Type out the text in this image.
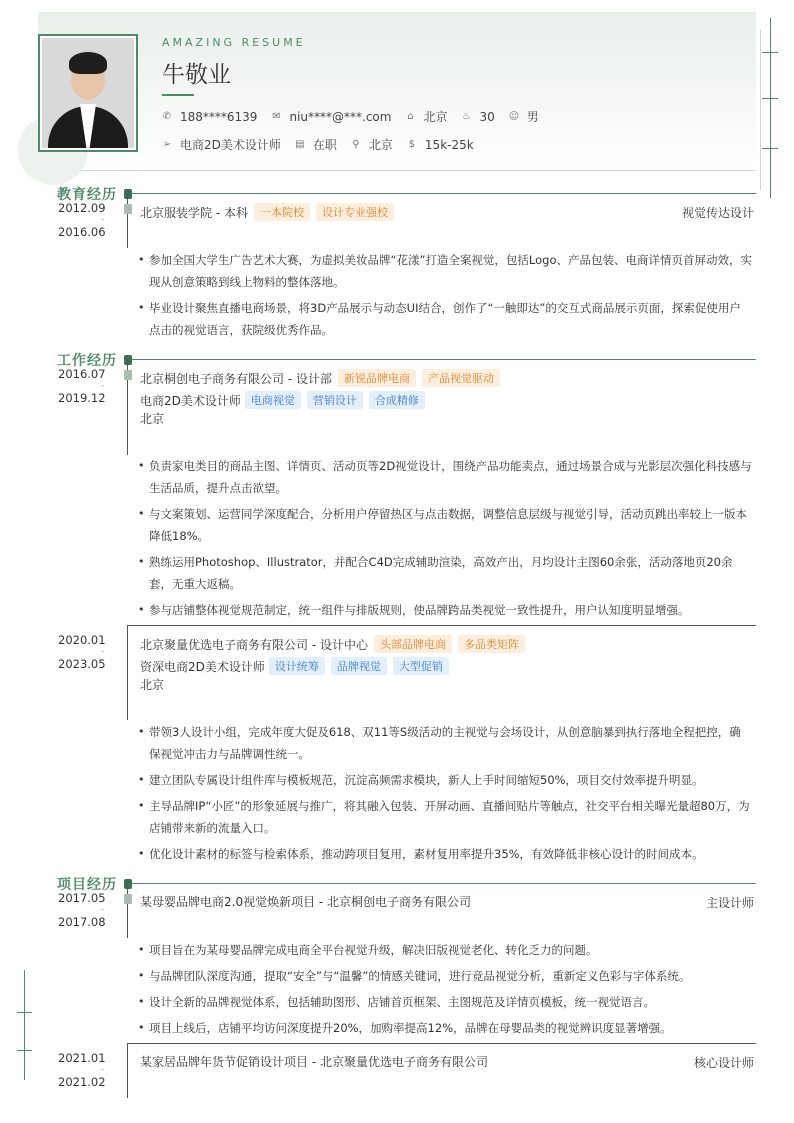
AMAZING RESUME
牛敬业
✆ 188****6139 ✉ niu****@***.com ⌂ 北京 ♨ 30 ☺ 男
➢ 电商2D美术设计师 ▤ 在职 ⚲ 北京 $ 15k-25k
教育经历
2012.09
-
2016.06
北京服装学院 - 本科	一本院校	设计专业强校	视觉传达设计
• 参加全国大学生广告艺术大赛，为虚拟美妆品牌“花漾”打造全案视觉，包括Logo、产品包装、电商详情页首屏动效，实现从创意策略到线上物料的整体落地。
• 毕业设计聚焦直播电商场景，将3D产品展示与动态UI结合，创作了“一触即达”的交互式商品展示页面，探索促使用户点击的视觉语言，获院级优秀作品。
工作经历
2016.07
-
2019.12
北京桐创电子商务有限公司 - 设计部	新锐品牌电商	产品视觉驱动
电商2D美术设计师 电商视觉	营销设计	合成精修
北京
• 负责家电类目的商品主图、详情页、活动页等2D视觉设计，围绕产品功能卖点，通过场景合成与光影层次强化科技感与生活品质，提升点击欲望。
• 与文案策划、运营同学深度配合，分析用户停留热区与点击数据，调整信息层级与视觉引导，活动页跳出率较上一版本降低18%。
• 熟练运用Photoshop、Illustrator，并配合C4D完成辅助渲染，高效产出，月均设计主图60余张，活动落地页20余套，无重大返稿。
• 参与店铺整体视觉规范制定，统一组件与排版规则，使品牌跨品类视觉一致性提升，用户认知度明显增强。
2020.01
-
2023.05
北京聚量优选电子商务有限公司 - 设计中心	头部品牌电商	多品类矩阵
资深电商2D美术设计师 设计统筹	品牌视觉	大型促销
北京
• 带领3人设计小组，完成年度大促及618、双11等S级活动的主视觉与会场设计，从创意脑暴到执行落地全程把控，确保视觉冲击力与品牌调性统一。
• 建立团队专属设计组件库与模板规范，沉淀高频需求模块，新人上手时间缩短50%，项目交付效率提升明显。
• 主导品牌IP“小匠”的形象延展与推广，将其融入包装、开屏动画、直播间贴片等触点，社交平台相关曝光量超80万，为店铺带来新的流量入口。
• 优化设计素材的标签与检索体系，推动跨项目复用，素材复用率提升35%，有效降低非核心设计的时间成本。
项目经历
2017.05
-
2017.08
某母婴品牌电商2.0视觉焕新项目 - 北京桐创电子商务有限公司	主设计师
• 项目旨在为某母婴品牌完成电商全平台视觉升级，解决旧版视觉老化、转化乏力的问题。
• 与品牌团队深度沟通，提取“安全”与“温馨”的情感关键词，进行竞品视觉分析，重新定义色彩与字体系统。
• 设计全新的品牌视觉体系，包括辅助图形、店铺首页框架、主图规范及详情页模板，统一视觉语言。
• 项目上线后，店铺平均访问深度提升20%，加购率提高12%，品牌在母婴品类的视觉辨识度显著增强。
2021.01
-
2021.02
某家居品牌年货节促销设计项目 - 北京聚量优选电子商务有限公司	核心设计师
